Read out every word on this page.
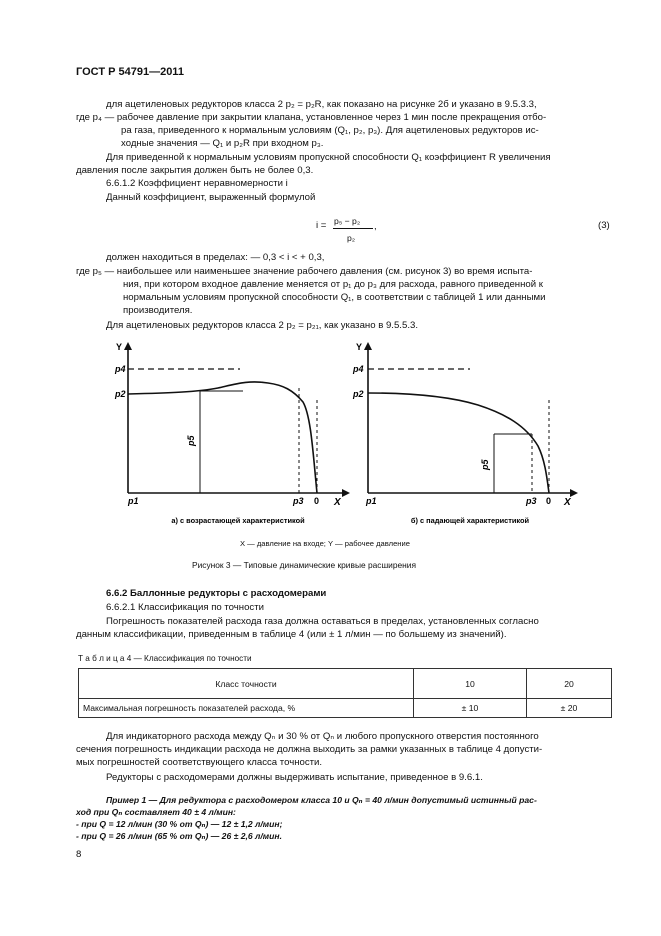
ГОСТ Р 54791—2011
для ацетиленовых редукторов класса 2 p₂ = p₂R, как показано на рисунке 2б и указано в 9.5.3.3,
где p₄ — рабочее давление при закрытии клапана, установленное через 1 мин после прекращения отбо-
ра газа, приведенного к нормальным условиям (Q₁, p₂, p₃). Для ацетиленовых редукторов ис-
ходные значения — Q₁ и p₂R при входном p₃.
Для приведенной к нормальным условиям пропускной способности Q₁ коэффициент R увеличения
давления после закрытия должен быть не более 0,3.
6.6.1.2 Коэффициент неравномерности i
Данный коэффициент, выраженный формулой
i = p₅ − p₂
p₂
,	(3)
должен находиться в пределах: — 0,3 < i < + 0,3,
где p₅ — наибольшее или наименьшее значение рабочего давления (см. рисунок 3) во время испыта-
ния, при котором входное давление меняется от p₁ до p₃ для расхода, равного приведенной к
нормальным условиям пропускной способности Q₁, в соответствии с таблицей 1 или данными
производителя.
Для ацетиленовых редукторов класса 2 p₂ = p₂₁, как указано в 9.5.5.3.
Y
p4
p2
p5
p1	p3 0 X
а) с возрастающей характеристикой
Y
p4
p2
p5
p1	p3 0 X
б) с падающей характеристикой
X — давление на входе; Y — рабочее давление
Рисунок 3 — Типовые динамические кривые расширения
6.6.2 Баллонные редукторы с расходомерами
6.6.2.1 Классификация по точности
Погрешность показателей расхода газа должна оставаться в пределах, установленных согласно
данным классификации, приведенным в таблице 4 (или ± 1 л/мин — по большему из значений).
Т а б л и ц а 4 — Классификация по точности
Класс точности	10	20
Максимальная погрешность показателей расхода, %	± 10	± 20
Для индикаторного расхода между Qₙ и 30 % от Qₙ и любого пропускного отверстия постоянного
сечения погрешность индикации расхода не должна выходить за рамки указанных в таблице 4 допусти-
мых погрешностей соответствующего класса точности.
Редукторы с расходомерами должны выдерживать испытание, приведенное в 9.6.1.
Пример 1 — Для редуктора с расходомером класса 10 и Qₙ = 40 л/мин допустимый истинный рас-
ход при Qₙ составляет 40 ± 4 л/мин:
- при Q = 12 л/мин (30 % от Qₙ) — 12 ± 1,2 л/мин;
- при Q = 26 л/мин (65 % от Qₙ) — 26 ± 2,6 л/мин.
8
